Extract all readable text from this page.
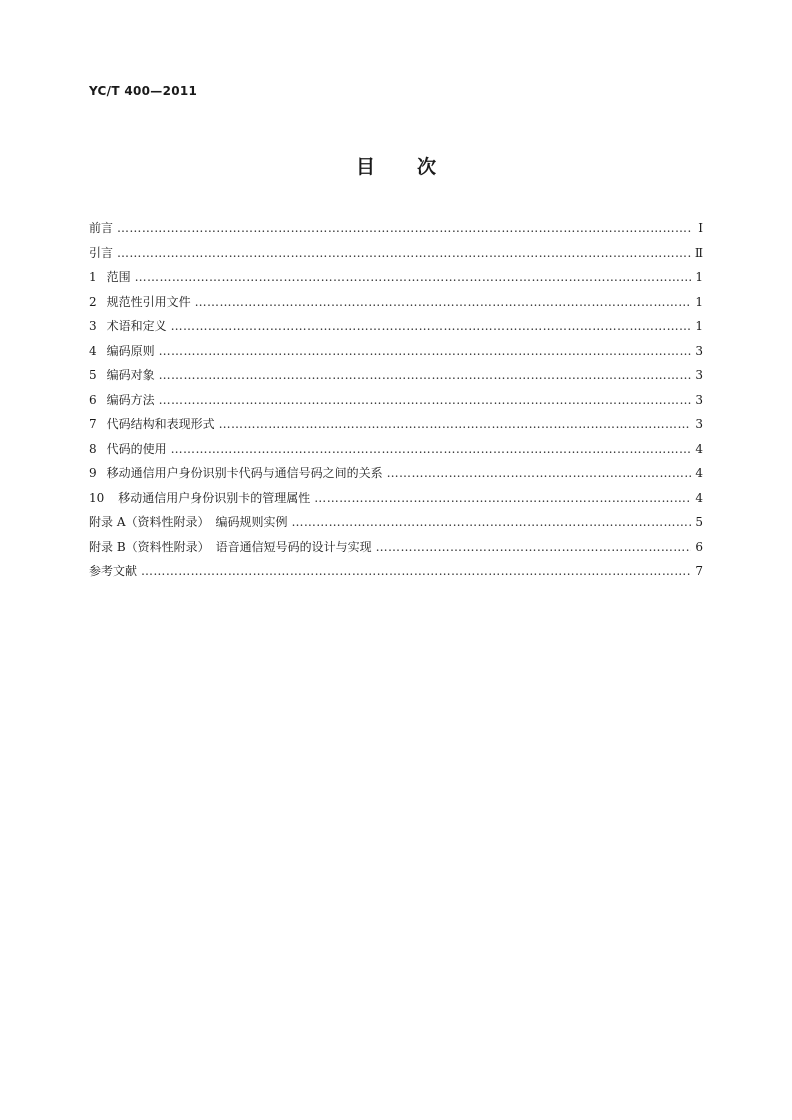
YC/T 400—2011
目 次
前言 …………………………………………………………………………………………………………………………………………………………………………………………………………	Ⅰ
引言 …………………………………………………………………………………………………………………………………………………………………………………………………………	Ⅱ
1 范围 …………………………………………………………………………………………………………………………………………………………………………………………………………	1
2 规范性引用文件 …………………………………………………………………………………………………………………………………………………………………………………………………………	1
3 术语和定义 …………………………………………………………………………………………………………………………………………………………………………………………………………	1
4 编码原则 …………………………………………………………………………………………………………………………………………………………………………………………………………	3
5 编码对象 …………………………………………………………………………………………………………………………………………………………………………………………………………	3
6 编码方法 …………………………………………………………………………………………………………………………………………………………………………………………………………	3
7 代码结构和表现形式 …………………………………………………………………………………………………………………………………………………………………………………………………………	3
8 代码的使用 …………………………………………………………………………………………………………………………………………………………………………………………………………	4
9 移动通信用户身份识别卡代码与通信号码之间的关系 …………………………………………………………………………………………………………………………………………………………………………………………………………	4
10 移动通信用户身份识别卡的管理属性 …………………………………………………………………………………………………………………………………………………………………………………………………………	4
附录 A（资料性附录）　编码规则实例 …………………………………………………………………………………………………………………………………………………………………………………………………………	5
附录 B（资料性附录）　语音通信短号码的设计与实现 …………………………………………………………………………………………………………………………………………………………………………………………………………	6
参考文献 …………………………………………………………………………………………………………………………………………………………………………………………………………	7
